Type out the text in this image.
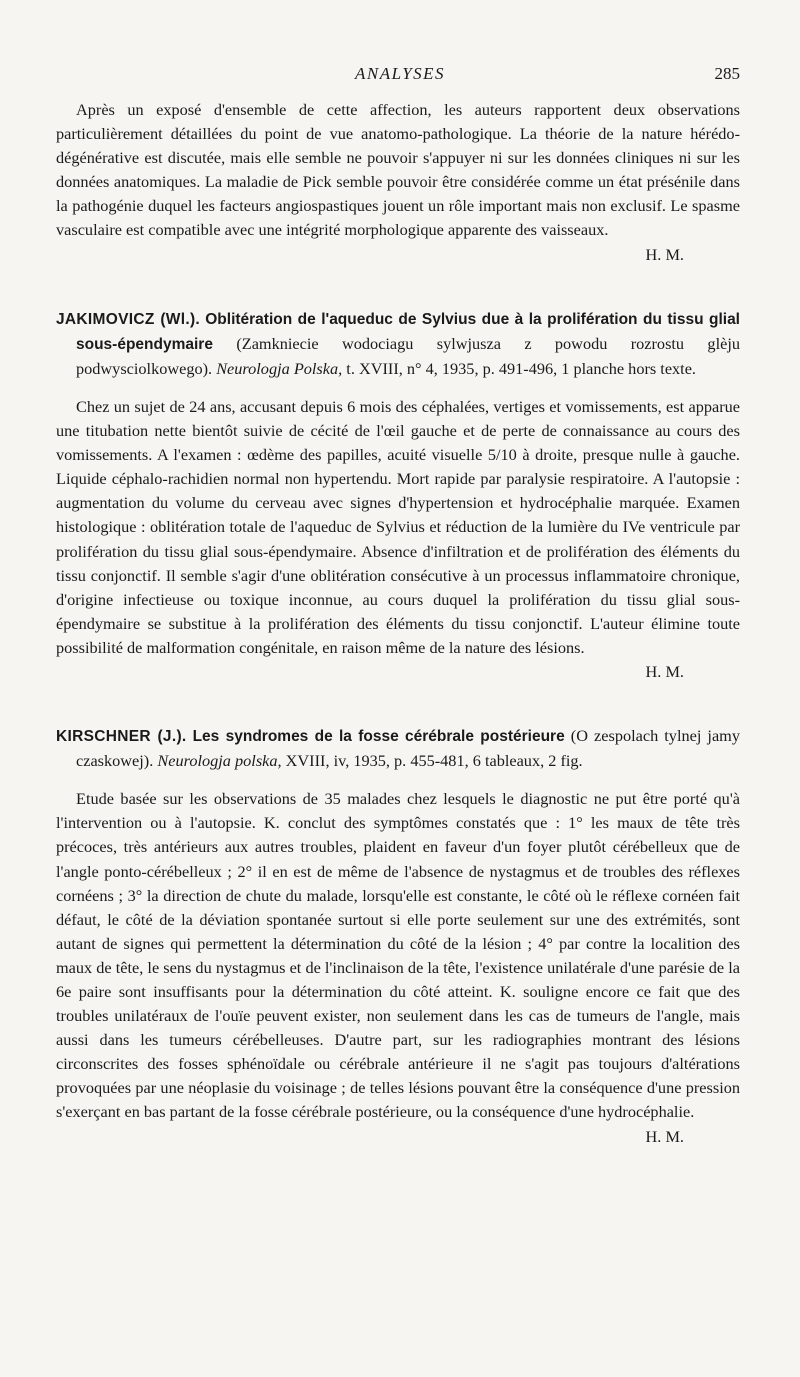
ANALYSES	285

Après un exposé d'ensemble de cette affection, les auteurs rapportent deux observations particulièrement détaillées du point de vue anatomo-pathologique. La théorie de la nature hérédo-dégénérative est discutée, mais elle semble ne pouvoir s'appuyer ni sur les données cliniques ni sur les données anatomiques. La maladie de Pick semble pouvoir être considérée comme un état présénile dans la pathogénie duquel les facteurs angiospastiques jouent un rôle important mais non exclusif. Le spasme vasculaire est compatible avec une intégrité morphologique apparente des vaisseaux.

H. M.

JAKIMOVICZ (Wl.). Oblitération de l'aqueduc de Sylvius due à la prolifération du tissu glial sous-épendymaire (Zamkniecie wodociagu sylwjusza z powodu rozrostu glèju podwysciolkowego). Neurologja Polska, t. XVIII, n° 4, 1935, p. 491-496, 1 planche hors texte.

Chez un sujet de 24 ans, accusant depuis 6 mois des céphalées, vertiges et vomissements, est apparue une titubation nette bientôt suivie de cécité de l'œil gauche et de perte de connaissance au cours des vomissements. A l'examen : œdème des papilles, acuité visuelle 5/10 à droite, presque nulle à gauche. Liquide céphalo-rachidien normal non hypertendu. Mort rapide par paralysie respiratoire. A l'autopsie : augmentation du volume du cerveau avec signes d'hypertension et hydrocéphalie marquée. Examen histologique : oblitération totale de l'aqueduc de Sylvius et réduction de la lumière du IVe ventricule par prolifération du tissu glial sous-épendymaire. Absence d'infiltration et de prolifération des éléments du tissu conjonctif. Il semble s'agir d'une oblitération consécutive à un processus inflammatoire chronique, d'origine infectieuse ou toxique inconnue, au cours duquel la prolifération du tissu glial sous-épendymaire se substitue à la prolifération des éléments du tissu conjonctif. L'auteur élimine toute possibilité de malformation congénitale, en raison même de la nature des lésions.

H. M.

KIRSCHNER (J.). Les syndromes de la fosse cérébrale postérieure (O zespolach tylnej jamy czaskowej). Neurologja polska, XVIII, iv, 1935, p. 455-481, 6 tableaux, 2 fig.

Etude basée sur les observations de 35 malades chez lesquels le diagnostic ne put être porté qu'à l'intervention ou à l'autopsie. K. conclut des symptômes constatés que : 1° les maux de tête très précoces, très antérieurs aux autres troubles, plaident en faveur d'un foyer plutôt cérébelleux que de l'angle ponto-cérébelleux ; 2° il en est de même de l'absence de nystagmus et de troubles des réflexes cornéens ; 3° la direction de chute du malade, lorsqu'elle est constante, le côté où le réflexe cornéen fait défaut, le côté de la déviation spontanée surtout si elle porte seulement sur une des extrémités, sont autant de signes qui permettent la détermination du côté de la lésion ; 4° par contre la localition des maux de tête, le sens du nystagmus et de l'inclinaison de la tête, l'existence unilatérale d'une parésie de la 6e paire sont insuffisants pour la détermination du côté atteint. K. souligne encore ce fait que des troubles unilatéraux de l'ouïe peuvent exister, non seulement dans les cas de tumeurs de l'angle, mais aussi dans les tumeurs cérébelleuses. D'autre part, sur les radiographies montrant des lésions circonscrites des fosses sphénoïdale ou cérébrale antérieure il ne s'agit pas toujours d'altérations provoquées par une néoplasie du voisinage ; de telles lésions pouvant être la conséquence d'une pression s'exerçant en bas partant de la fosse cérébrale postérieure, ou la conséquence d'une hydrocéphalie.
H. M.
